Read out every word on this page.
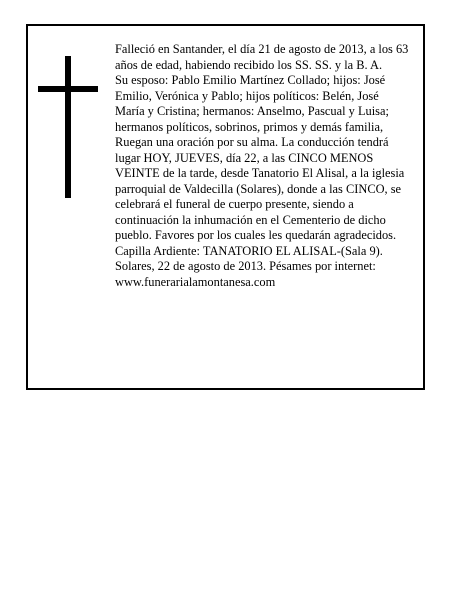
Falleció en Santander, el día 21 de agosto de 2013, a los 63 años de edad, habiendo recibido los SS. SS. y la B. A.

Su esposo: Pablo Emilio Martínez Collado; hijos: José Emilio, Verónica y Pablo; hijos políticos: Belén, José María y Cristina; hermanos: Anselmo, Pascual y Luisa; hermanos políticos, sobrinos, primos y demás familia, Ruegan una oración por su alma. La conducción tendrá lugar HOY, JUEVES, día 22, a las CINCO MENOS VEINTE de la tarde, desde Tanatorio El Alisal, a la iglesia parroquial de Valdecilla (Solares), donde a las CINCO, se celebrará el funeral de cuerpo presente, siendo a continuación la inhumación en el Cementerio de dicho pueblo. Favores por los cuales les quedarán agradecidos. Capilla Ardiente: TANATORIO EL ALISAL-(Sala 9).

Solares, 22 de agosto de 2013. Pésames por internet: www.funerarialamontanesa.com
